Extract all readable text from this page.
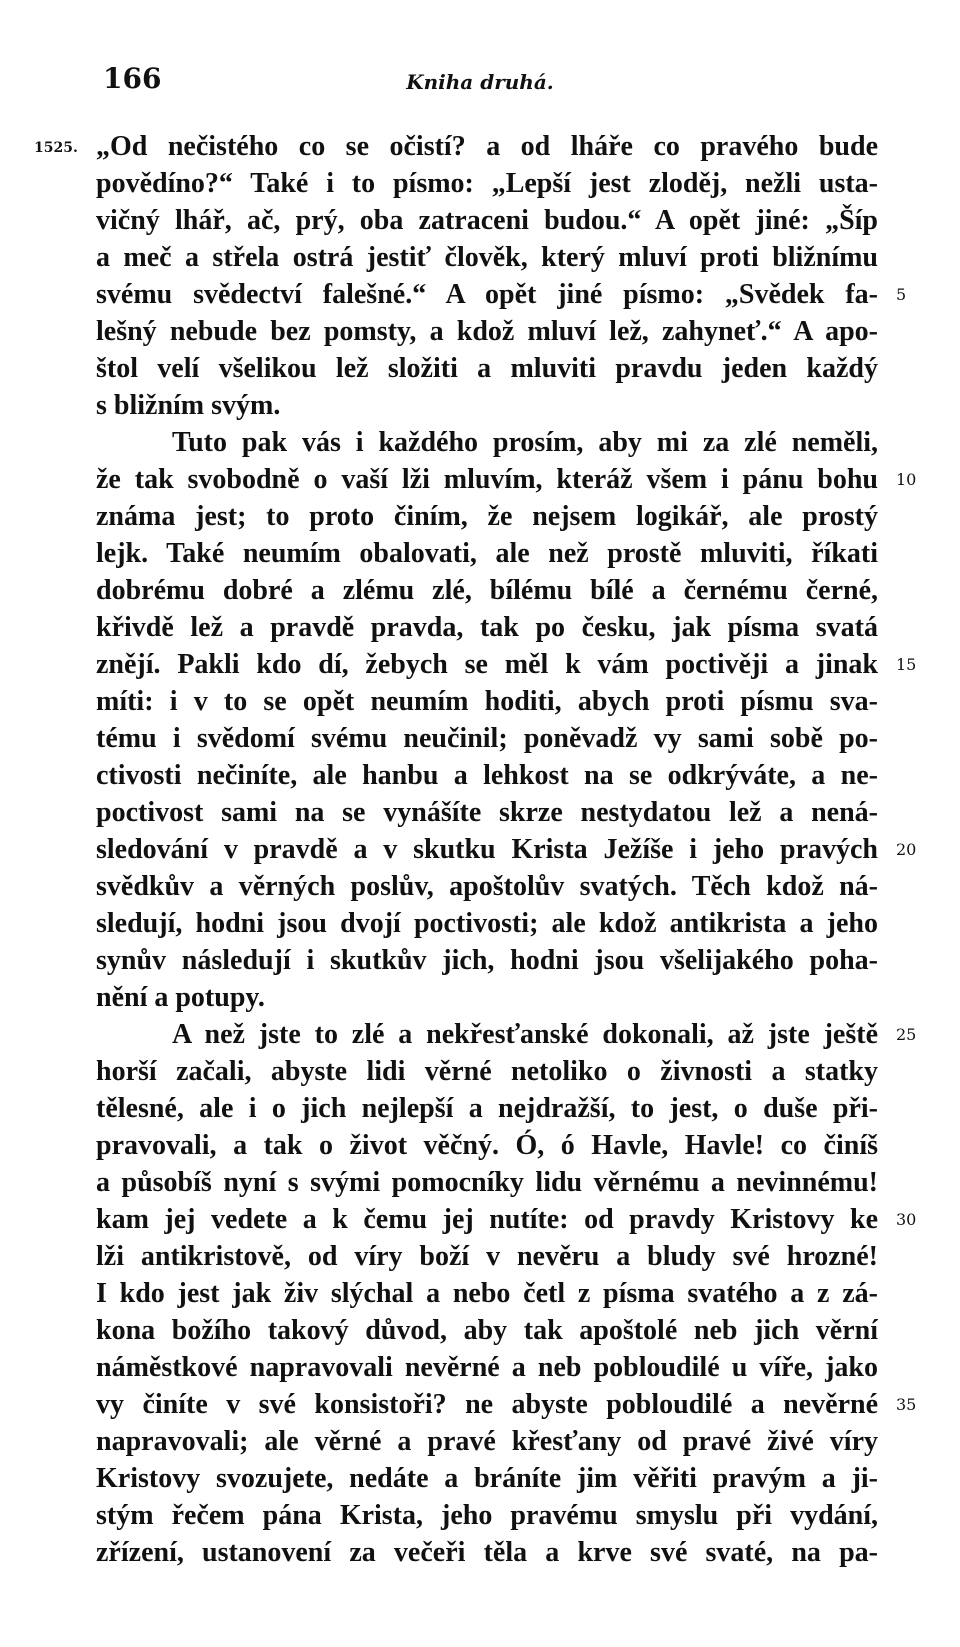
166	Kniha druhá.
1525. „Od nečistého co se očistí? a od lháře co pravého bude
povědíno?“ Také i to písmo: „Lepší jest zloděj, nežli usta-
vičný lhář, ač, prý, oba zatraceni budou.“ A opět jiné: „Šíp
a meč a střela ostrá jestiť člověk, který mluví proti bližnímu
svému svědectví falešné.“ A opět jiné písmo: „Svědek fa-
lešný nebude bez pomsty, a kdož mluví lež, zahyneť.“ A apo-
štol velí všelikou lež složiti a mluviti pravdu jeden každý
s bližním svým.
Tuto pak vás i každého prosím, aby mi za zlé neměli,
že tak svobodně o vaší lži mluvím, kteráž všem i pánu bohu
známa jest; to proto činím, že nejsem logikář, ale prostý
lejk. Také neumím obalovati, ale než prostě mluviti, říkati
dobrému dobré a zlému zlé, bílému bílé a černému černé,
křivdě lež a pravdě pravda, tak po česku, jak písma svatá
znějí. Pakli kdo dí, žebych se měl k vám poctivěji a jinak
míti: i v to se opět neumím hoditi, abych proti písmu sva-
tému i svědomí svému neučinil; poněvadž vy sami sobě po-
ctivosti nečiníte, ale hanbu a lehkost na se odkrýváte, a ne-
poctivost sami na se vynášíte skrze nestydatou lež a nená-
sledování v pravdě a v skutku Krista Ježíše i jeho pravých
svědkův a věrných poslův, apoštolův svatých. Těch kdož ná-
sledují, hodni jsou dvojí poctivosti; ale kdož antikrista a jeho
synův následují i skutkův jich, hodni jsou všelijakého poha-
nění a potupy.
A než jste to zlé a nekřesťanské dokonali, až jste ještě
horší začali, abyste lidi věrné netoliko o živnosti a statky
tělesné, ale i o jich nejlepší a nejdražší, to jest, o duše při-
pravovali, a tak o život věčný. Ó, ó Havle, Havle! co činíš
a působíš nyní s svými pomocníky lidu věrnému a nevinnému!
kam jej vedete a k čemu jej nutíte: od pravdy Kristovy ke
lži antikristově, od víry boží v nevěru a bludy své hrozné!
I kdo jest jak živ slýchal a nebo četl z písma svatého a z zá-
kona božího takový důvod, aby tak apoštolé neb jich věrní
náměstkové napravovali nevěrné a neb pobloudilé u víře, jako
vy činíte v své konsistoři? ne abyste pobloudilé a nevěrné
napravovali; ale věrné a pravé křesťany od pravé živé víry
Kristovy svozujete, nedáte a bráníte jim věřiti pravým a ji-
stým řečem pána Krista, jeho pravému smyslu při vydání,
zřízení, ustanovení za večeři těla a krve své svaté, na pa-
5
10
15
20
25
30
35
